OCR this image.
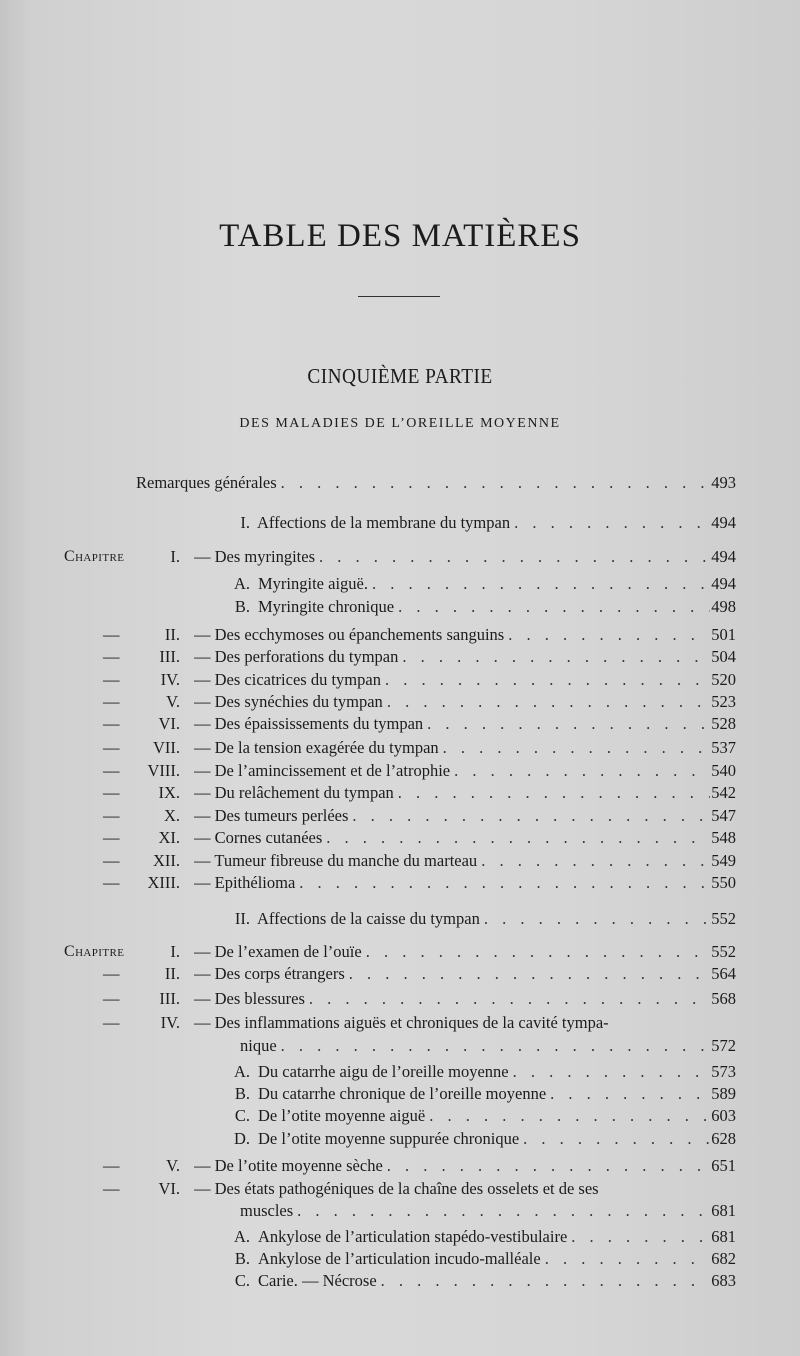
TABLE DES MATIÈRES
CINQUIÈME PARTIE
DES MALADIES DE L’OREILLE MOYENNE
Remarques générales . . .	493
I. Affections de la membrane du tympan . . .	494
Chapitre	I. — Des myringites . . .	494
A. Myringite aiguë. . . .	494
B. Myringite chronique . . .	498
—	II. — Des ecchymoses ou épanchements sanguins . . .	501
—	III. — Des perforations du tympan . . .	504
—	IV. — Des cicatrices du tympan . . .	520
—	V. — Des synéchies du tympan . . .	523
—	VI. — Des épaississements du tympan . . .	528
—	VII. — De la tension exagérée du tympan . . .	537
—	VIII. — De l’amincissement et de l’atrophie . . .	540
—	IX. — Du relâchement du tympan . . .	542
—	X. — Des tumeurs perlées . . .	547
—	XI. — Cornes cutanées . . .	548
—	XII. — Tumeur fibreuse du manche du marteau . . .	549
—	XIII. — Epithélioma . . .	550
II. Affections de la caisse du tympan . . .	552
Chapitre	I. — De l’examen de l’ouïe . . .	552
—	II. — Des corps étrangers . . .	564
—	III. — Des blessures . . .	568
—	IV. — Des inflammations aiguës et chroniques de la cavité tympa-
nique . . .	572
A. Du catarrhe aigu de l’oreille moyenne . . .	573
B. Du catarrhe chronique de l’oreille moyenne . . .	589
C. De l’otite moyenne aiguë . . .	603
D. De l’otite moyenne suppurée chronique . . .	628
—	V. — De l’otite moyenne sèche . . .	651
—	VI. — Des états pathogéniques de la chaîne des osselets et de ses
muscles . . .	681
A. Ankylose de l’articulation stapédo-vestibulaire . . .	681
B. Ankylose de l’articulation incudo-malléale . . .	682
C. Carie. — Nécrose . . .	683
